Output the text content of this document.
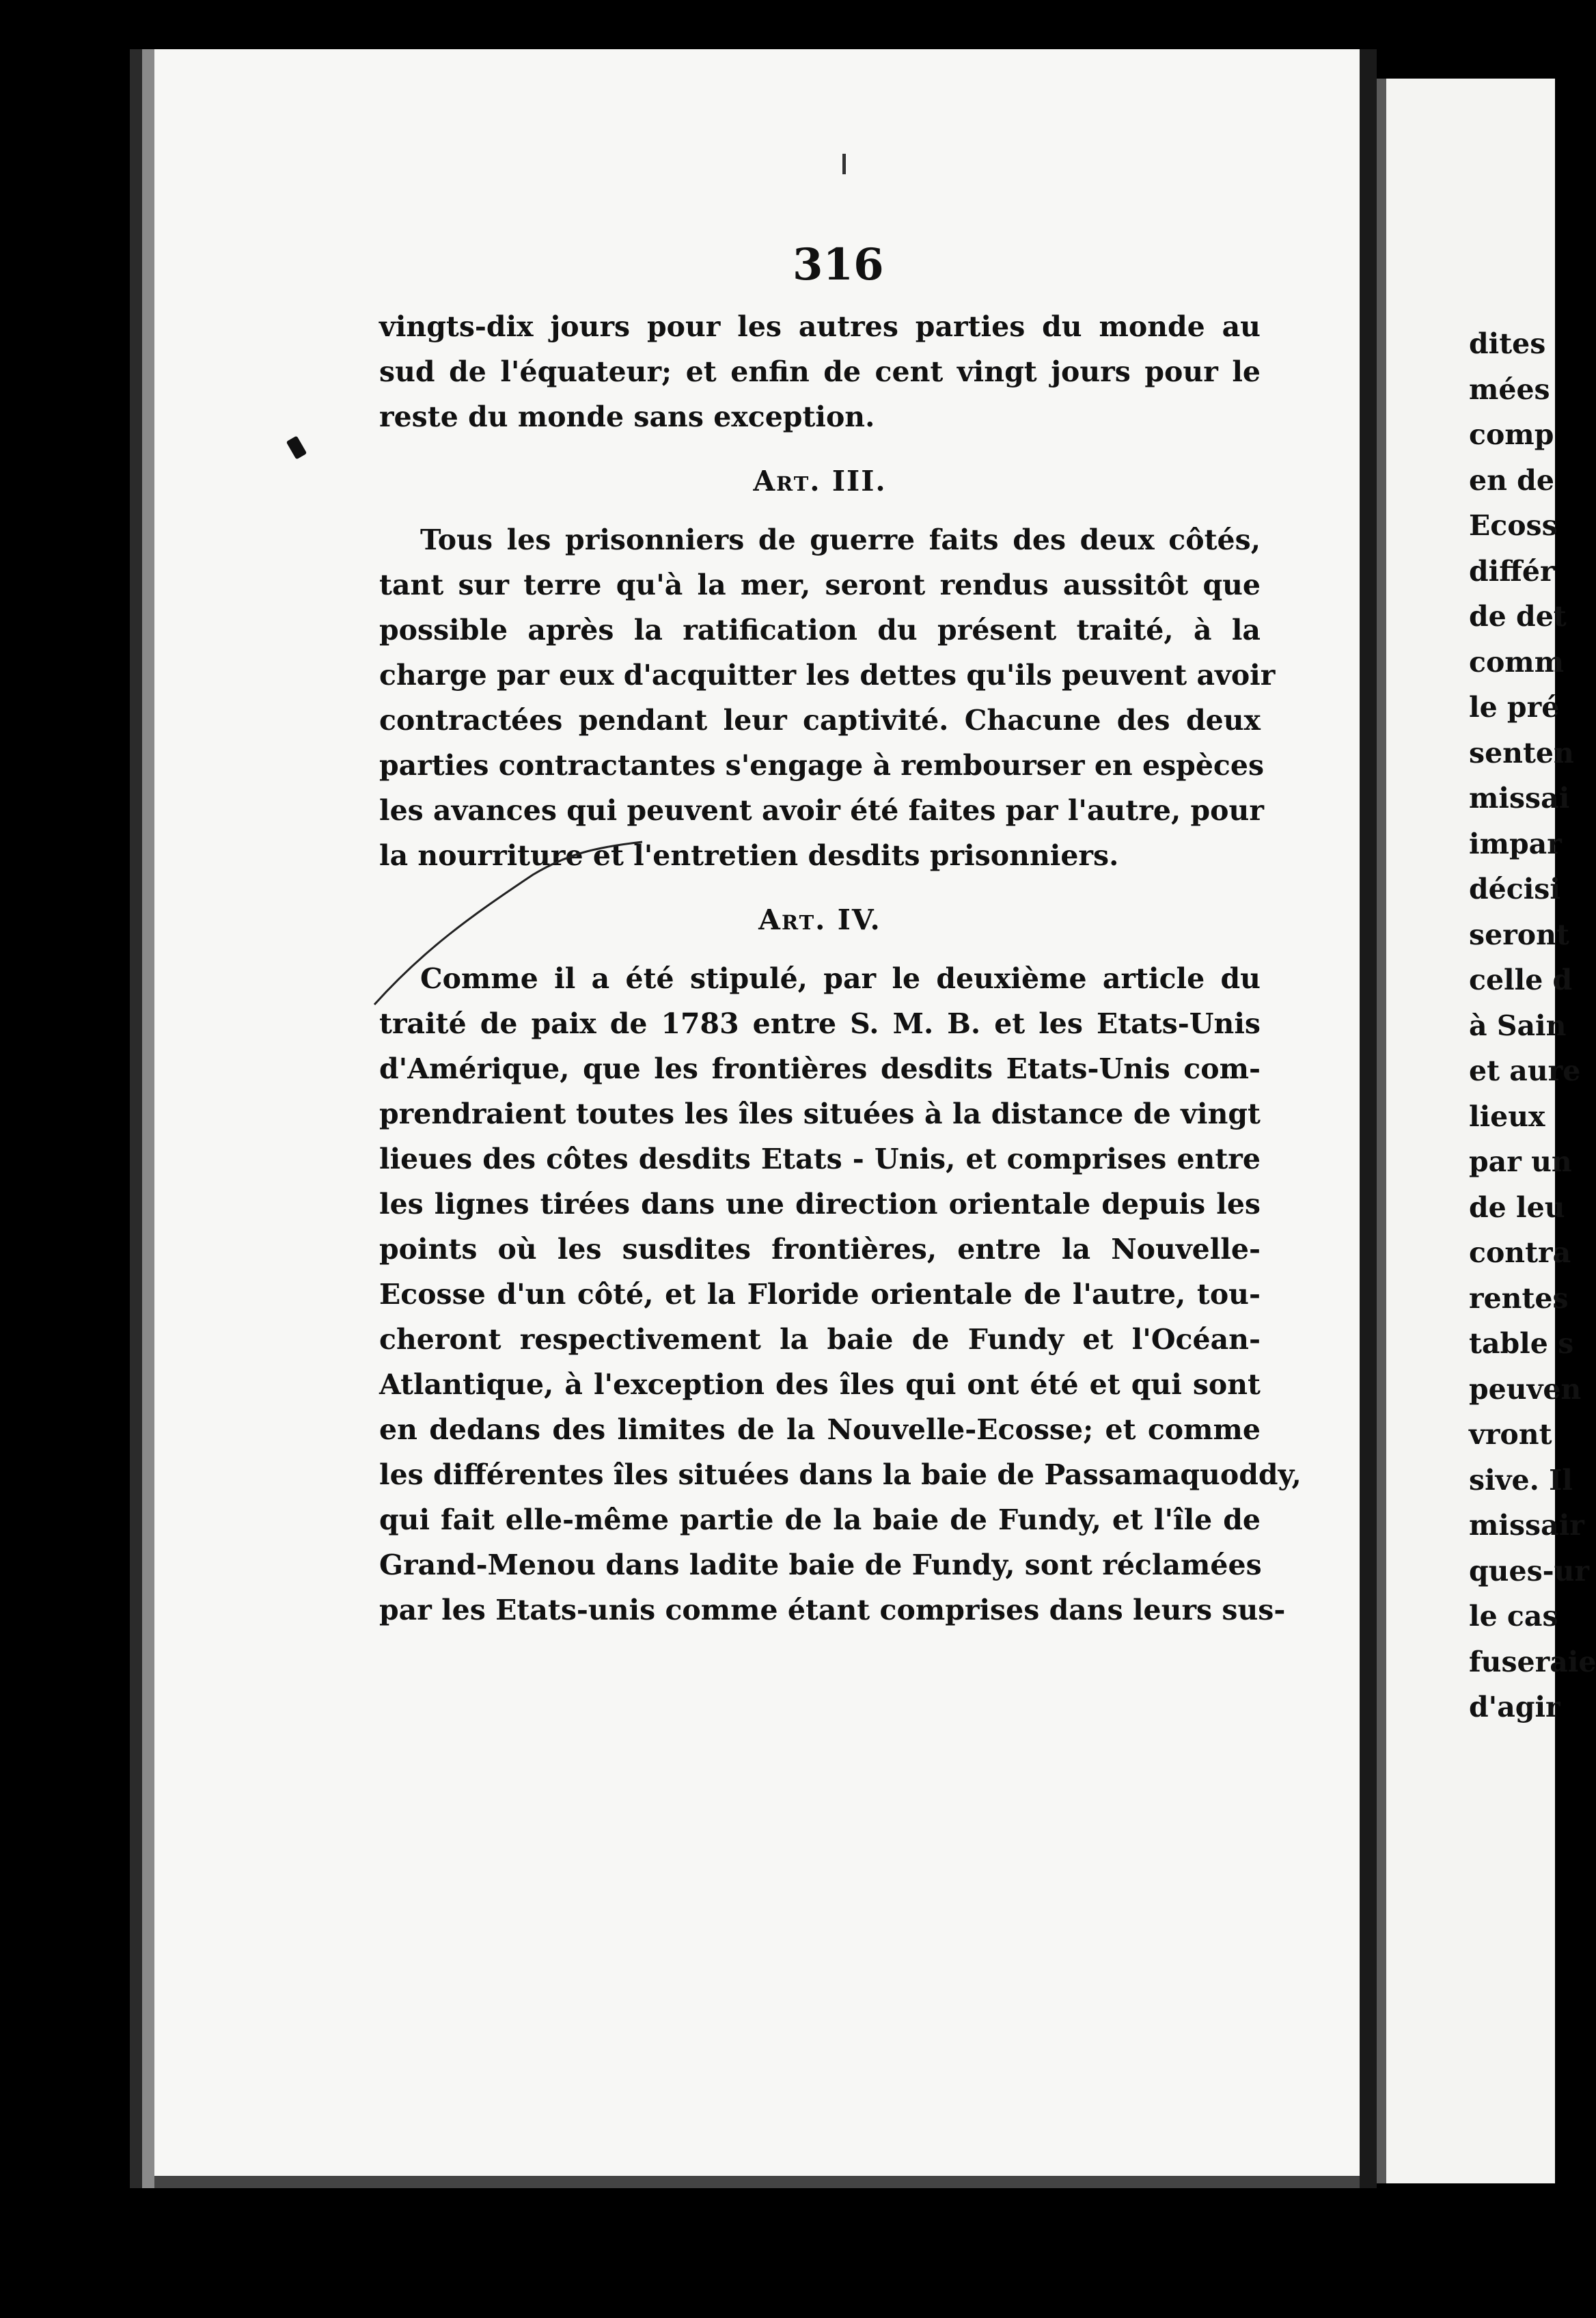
316
vingts-dix jours pour les autres parties du monde au
sud de l'équateur; et enfin de cent vingt jours pour le
reste du monde sans exception.
Art. III.
Tous les prisonniers de guerre faits des deux côtés,
tant sur terre qu'à la mer, seront rendus aussitôt que
possible après la ratification du présent traité, à la
charge par eux d'acquitter les dettes qu'ils peuvent avoir
contractées pendant leur captivité. Chacune des deux
parties contractantes s'engage à rembourser en espèces
les avances qui peuvent avoir été faites par l'autre, pour
la nourriture et l'entretien desdits prisonniers.
Art. IV.
Comme il a été stipulé, par le deuxième article du
traité de paix de 1783 entre S. M. B. et les Etats-Unis
d'Amérique, que les frontières desdits Etats-Unis com-
prendraient toutes les îles situées à la distance de vingt
lieues des côtes desdits Etats - Unis, et comprises entre
les lignes tirées dans une direction orientale depuis les
points où les susdites frontières, entre la Nouvelle-
Ecosse d'un côté, et la Floride orientale de l'autre, tou-
cheront respectivement la baie de Fundy et l'Océan-
Atlantique, à l'exception des îles qui ont été et qui sont
en dedans des limites de la Nouvelle-Ecosse; et comme
les différentes îles situées dans la baie de Passamaquoddy,
qui fait elle-même partie de la baie de Fundy, et l'île de
Grand-Menou dans ladite baie de Fundy, sont réclamées
par les Etats-unis comme étant comprises dans leurs sus-
dites
mées
comp
en de
Ecoss
différ
de det
comm
le pré
senten
missai
impar
décisi
seront
celle d
à Sain
et aure
lieux
par un
de leu
contra
rentes
table s
peuven
vront
sive. Il
missair
ques-ur
le cas
fuseraie
d'agir
